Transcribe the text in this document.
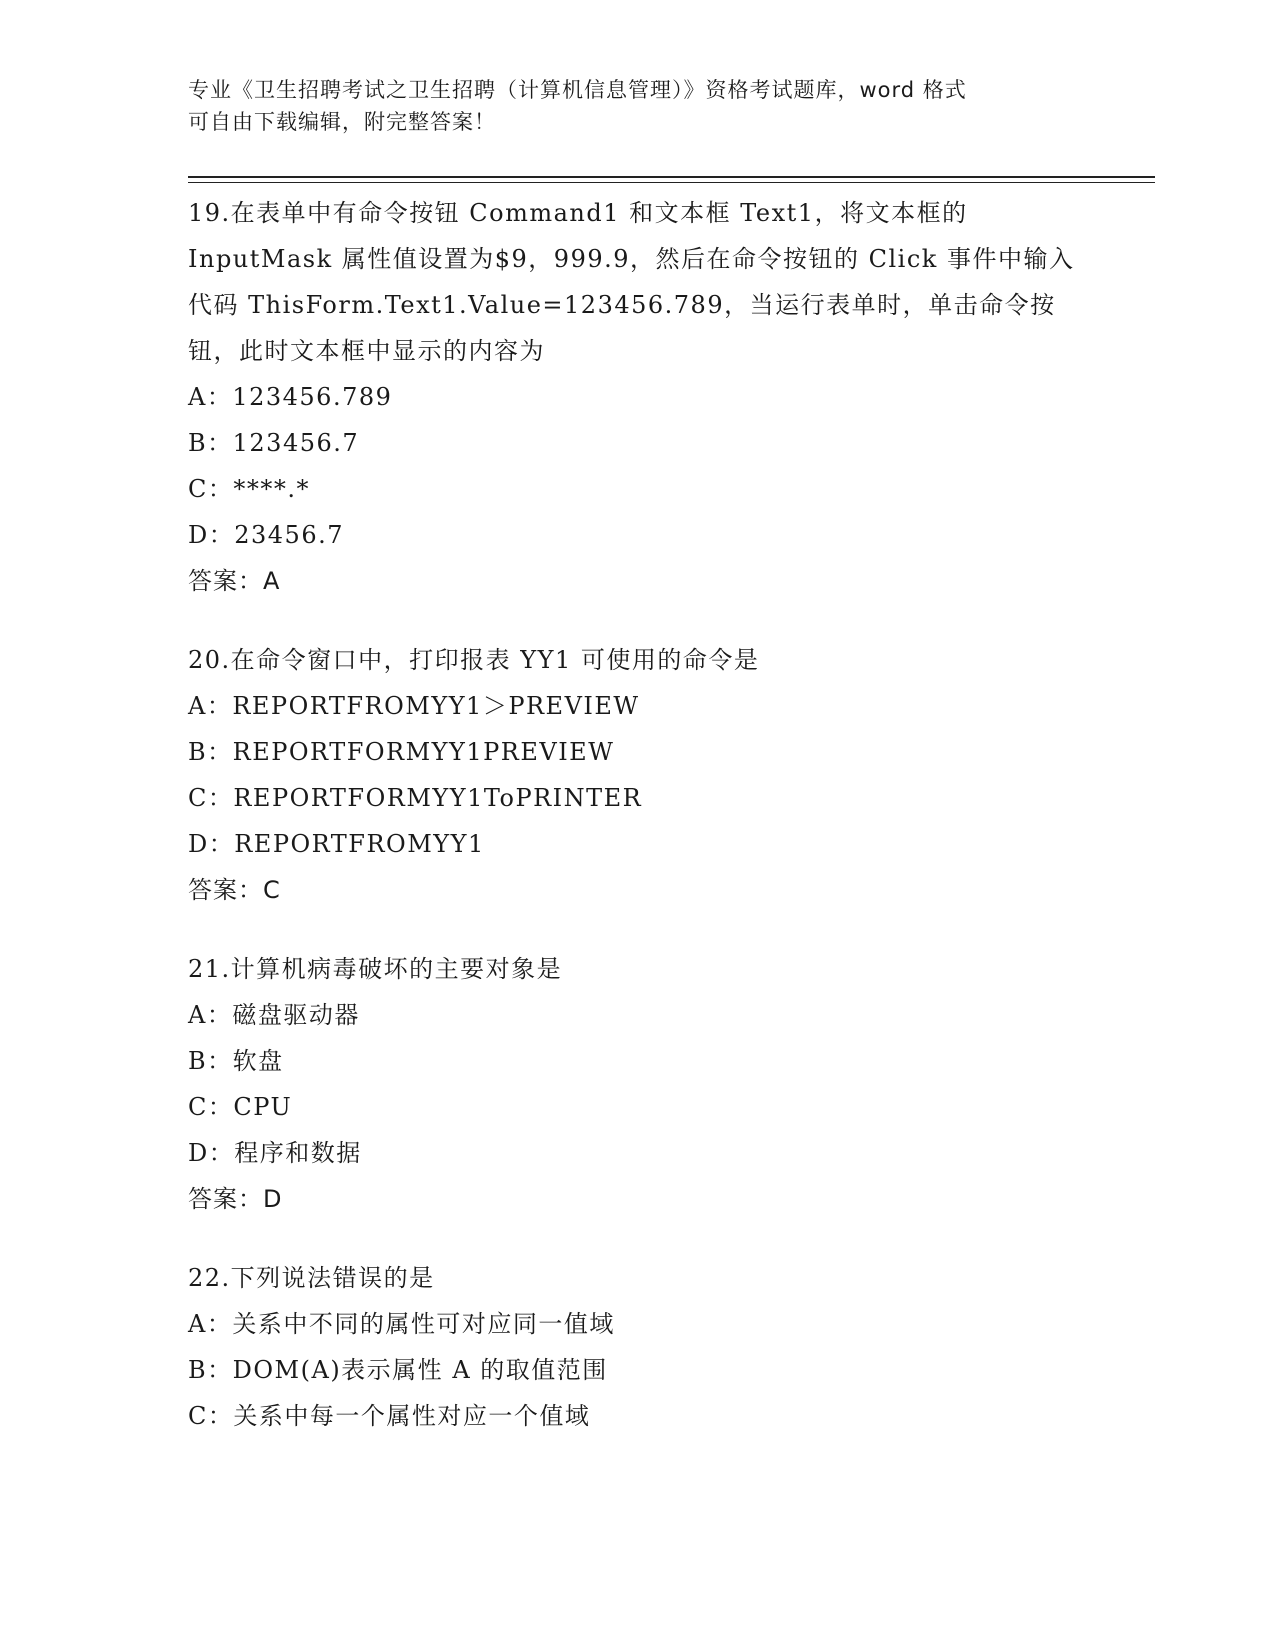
专业《卫生招聘考试之卫生招聘（计算机信息管理）》资格考试题库，word 格式
可自由下载编辑，附完整答案！
19.在表单中有命令按钮 Command1 和文本框 Text1，将文本框的 InputMask 属性值设置为$9，999.9，然后在命令按钮的 Click 事件中输入代码 ThisForm.Text1.Value=123456.789，当运行表单时，单击命令按钮，此时文本框中显示的内容为
A：123456.789
B：123456.7
C：****.*
D：23456.7
答案：A
20.在命令窗口中，打印报表 YY1 可使用的命令是
A：REPORTFROMYY1＞PREVIEW
B：REPORTFORMYY1PREVIEW
C：REPORTFORMYY1ToPRINTER
D：REPORTFROMYY1
答案：C
21.计算机病毒破坏的主要对象是
A：磁盘驱动器
B：软盘
C：CPU
D：程序和数据
答案：D
22.下列说法错误的是
A：关系中不同的属性可对应同一值域
B：DOM(A)表示属性 A 的取值范围
C：关系中每一个属性对应一个值域
